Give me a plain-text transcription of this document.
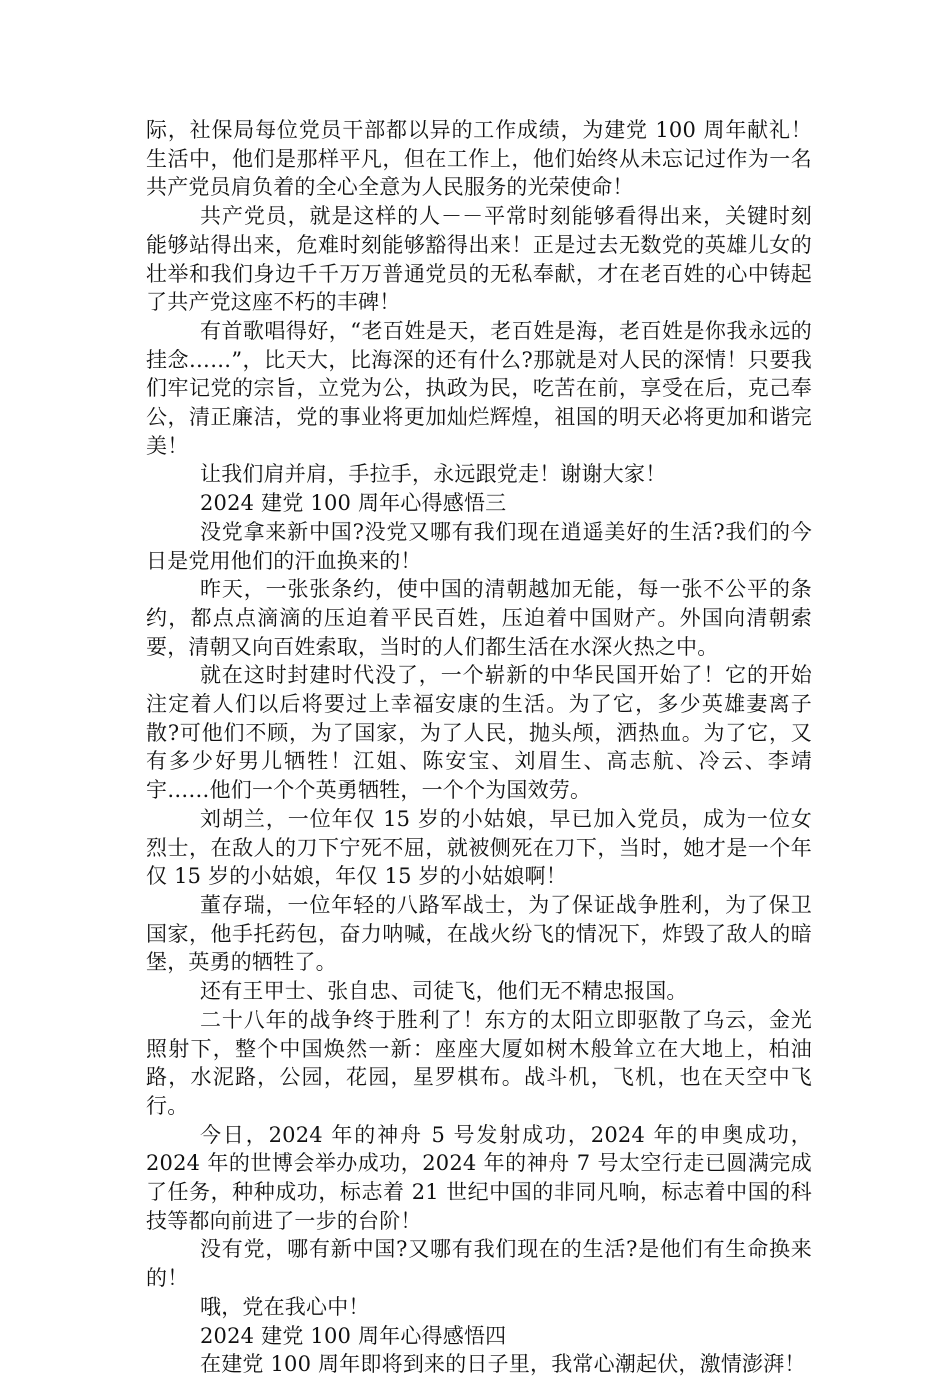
际，社保局每位党员干部都以异的工作成绩，为建党 100 周年献礼！生活中，他们是那样平凡，但在工作上，他们始终从未忘记过作为一名共产党员肩负着的全心全意为人民服务的光荣使命！

共产党员，就是这样的人－－平常时刻能够看得出来，关键时刻能够站得出来，危难时刻能够豁得出来！正是过去无数党的英雄儿女的壮举和我们身边千千万万普通党员的无私奉献，才在老百姓的心中铸起了共产党这座不朽的丰碑！

有首歌唱得好，“老百姓是天，老百姓是海，老百姓是你我永远的挂念……”，比天大，比海深的还有什么?那就是对人民的深情！只要我们牢记党的宗旨，立党为公，执政为民，吃苦在前，享受在后，克己奉公，清正廉洁，党的事业将更加灿烂辉煌，祖国的明天必将更加和谐完美！

让我们肩并肩，手拉手，永远跟党走！谢谢大家！

2024 建党 100 周年心得感悟三

没党拿来新中国?没党又哪有我们现在逍遥美好的生活?我们的今日是党用他们的汗血换来的！

昨天，一张张条约，使中国的清朝越加无能，每一张不公平的条约，都点点滴滴的压迫着平民百姓，压迫着中国财产。外国向清朝索要，清朝又向百姓索取，当时的人们都生活在水深火热之中。

就在这时封建时代没了，一个崭新的中华民国开始了！它的开始注定着人们以后将要过上幸福安康的生活。为了它，多少英雄妻离子散?可他们不顾，为了国家，为了人民，抛头颅，洒热血。为了它，又有多少好男儿牺牲！江姐、陈安宝、刘眉生、高志航、冷云、李靖宇……他们一个个英勇牺牲，一个个为国效劳。

刘胡兰，一位年仅 15 岁的小姑娘，早已加入党员，成为一位女烈士，在敌人的刀下宁死不屈，就被侧死在刀下，当时，她才是一个年仅 15 岁的小姑娘，年仅 15 岁的小姑娘啊！

董存瑞，一位年轻的八路军战士，为了保证战争胜利，为了保卫国家，他手托药包，奋力呐喊，在战火纷飞的情况下，炸毁了敌人的暗堡，英勇的牺牲了。

还有王甲士、张自忠、司徒飞，他们无不精忠报国。

二十八年的战争终于胜利了！东方的太阳立即驱散了乌云，金光照射下，整个中国焕然一新：座座大厦如树木般耸立在大地上，柏油路，水泥路，公园，花园，星罗棋布。战斗机，飞机，也在天空中飞行。

今日，2024 年的神舟 5 号发射成功，2024 年的申奥成功，2024 年的世博会举办成功，2024 年的神舟 7 号太空行走已圆满完成了任务，种种成功，标志着 21 世纪中国的非同凡响，标志着中国的科技等都向前进了一步的台阶！

没有党，哪有新中国?又哪有我们现在的生活?是他们有生命换来的！

哦，党在我心中！

2024 建党 100 周年心得感悟四

在建党 100 周年即将到来的日子里，我常心潮起伏，激情澎湃！
